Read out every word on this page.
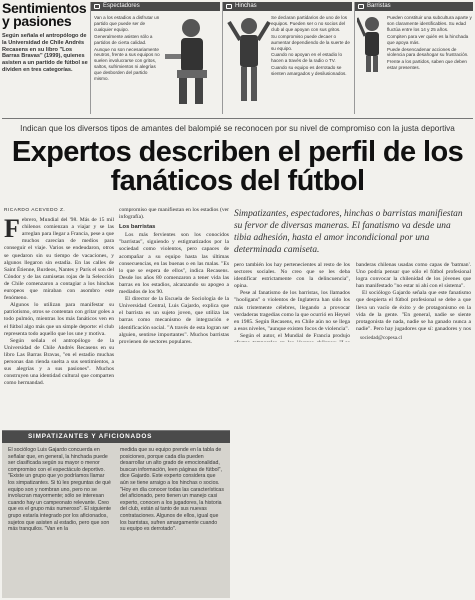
Sentimientos y pasiones
Según señala el antropólogo de la Universidad de Chile Andrés Recasens en su libro "Los Barras Bravas" (1999), quienes asisten a un partido de fútbol se dividen en tres categorías.
Espectadores
Van a los estadios a disfrutar un partido que puede ser de cualquier equipo.
Generalmente asisten sólo a partidos de cierta calidad.
Aunque no son necesariamente neutros, frente a sus equipos no suelen involucrarse con gritos, saltos, sufrimientos ni alegrías que desborden del partido mismo.
Hinchas
Se declaran partidarios de uno de los equipos. Pueden ser o no socios del club al que apoyan con sus gritos.
Su compromiso puede decaer o aumentar dependiendo de la suerte de su equipo.
Cuando no apoyan en el estadio lo hacen a través de la radio o TV.
Cuando su equipo es derrotado se sienten amargados y desilusionados.
Barristas
Pueden constituir una subcultura aparte y son claramente identificables. Su edad fluctúa entre los 14 y 25 años.
Compiten para ver quién es la hinchada que apoya más.
Puede desencadenar acciones de violencia para desahogar su frustración.
Frente a los partidos, saben que deben estar presentes.
Indican que los diversos tipos de amantes del balompié se reconocen por su nivel de compromiso con la justa deportiva
Expertos describen el perfil de los fanáticos del fútbol
RICARDO ACEVEDO Z.

Febrero, Mundial del '98. Más de 15 mil chilenos comienzan a viajar y se las arreglan para llegar a Francia, pese a que muchos carecían de medios para conseguir el viaje. Varios se endeudaron, otros se quedaron sin su tiempo de vacaciones, y algunos llegaron sin estadía. En las calles de Saint Étienne, Burdeos, Nantes y París el son del Cóndor y de las camisetas rojas de la Selección de Chile comenzaron a contagiar a los hinchas europeos que miraban con asombro este fenómeno.

Algunos lo utilizan para manifestar su patriotismo, otros se contentan con gritar goles a todo pulmón, mientras los más fanáticos ven en el fútbol algo más que un simple deporte: el club representa todo aquello que los une y motiva.

Según señala el antropólogo de la Universidad de Chile Andrés Recasens en su libro Las Barras Bravas, "en el estadio muchas personas dan rienda suelta a sus sentimientos, a sus alegrías y a sus pasiones". Muchos construyen una identidad cultural que comparten como hermandad.

compromiso que manifiestan en los estadios (ver infografía).

Los barristas

Los más fervientes son los conocidos "barristas", siguiendo y estigmatizados por la sociedad como violentos, pero capaces de acompañar a su equipo hasta las últimas consecuencias, en las buenas o en las malas. "Es lo que se espera de ellos", indica Recasens. Desde los años 80 comenzaron a tener vida las barras en los estadios, alcanzando su apogeo a mediados de los 90.

El director de la Escuela de Sociología de la Universidad Central, Luis Gajardo, explica que el barrista es un sujeto joven, que utiliza las barras como mecanismo de integración e identificación social. "A través de esta logran ser alguien, sentirse importantes". Muchos barristas provienen de sectores populares.

Simpatizantes, espectadores, hinchas o barristas manifiestan su fervor de diversas maneras. El fanatismo va desde una tibia adhesión, hasta el amor incondicional por una determinada camiseta.

pero también los hay pertenecientes al resto de los sectores sociales. No creo que se les deba identificar estrictamente con la delincuencia", opina.

Pese al fanatismo de los barristas, los llamados "hooligans" o violentos de Inglaterra han sido los más tristemente célebres, llegando a provocar verdaderas tragedias como la que ocurrió en Heysel en 1985. Según Recasens, en Chile aún no se llega a esos niveles, "aunque existen focos de violencia".

Según el autor, el Mundial de Francia produjo

banderas chilenas usadas como capas de 'batman'. Uno podría pensar que sólo el fútbol profesional logra convocar la chilenidad de los jóvenes que han manifestado "no estar ni ahí con el sistema".

El sociólogo Gajardo señala que este fanatismo que despierta el fútbol profesional se debe a que lleva un vacío de éxito y de protagonismo en la vida de la gente. "En general, nadie se siente protagonista de nada, nadie se ha ganado nunca a nadie". Pero hay jugadores que sí: ganadores y nos

sociedad@copesa.cl
SIMPATIZANTES Y AFICIONADOS
El sociólogo Luis Gajardo concuerda en señalar que, en general, la hinchada puede ser clasificada según su mayor o menor compromiso con el espectáculo deportivo. "Existe un grupo que yo podríamos llamar los simpatizantes. Si tú les preguntas de qué equipo son y nombran uno, pero no se involucran mayormente; sólo se interesan cuando hay un campeonato relevante. Creo que es el grupo más numeroso". El siguiente grupo estaría integrado por los aficionados, sujetos que asisten al estadio, pero que son más tranquilos. "Van en la
medida que su equipo prende en la tabla de posiciones, porque cada día pueden desarrollar un alto grado de emocionalidad, buscan información, leen páginas de fútbol", dice Gajardo. Este experto considera que aún se tiene arraigo a los hinchas o socios. "Hoy en día conocer todas las características del aficionado, pero tienen un manejo casi experto, conocen a los jugadores, la historia del club, están al tanto de sus nuevas contrataciones. Algunos de ellos, igual que los barristas, sufren amargamente cuando su equipo es derrotado".
